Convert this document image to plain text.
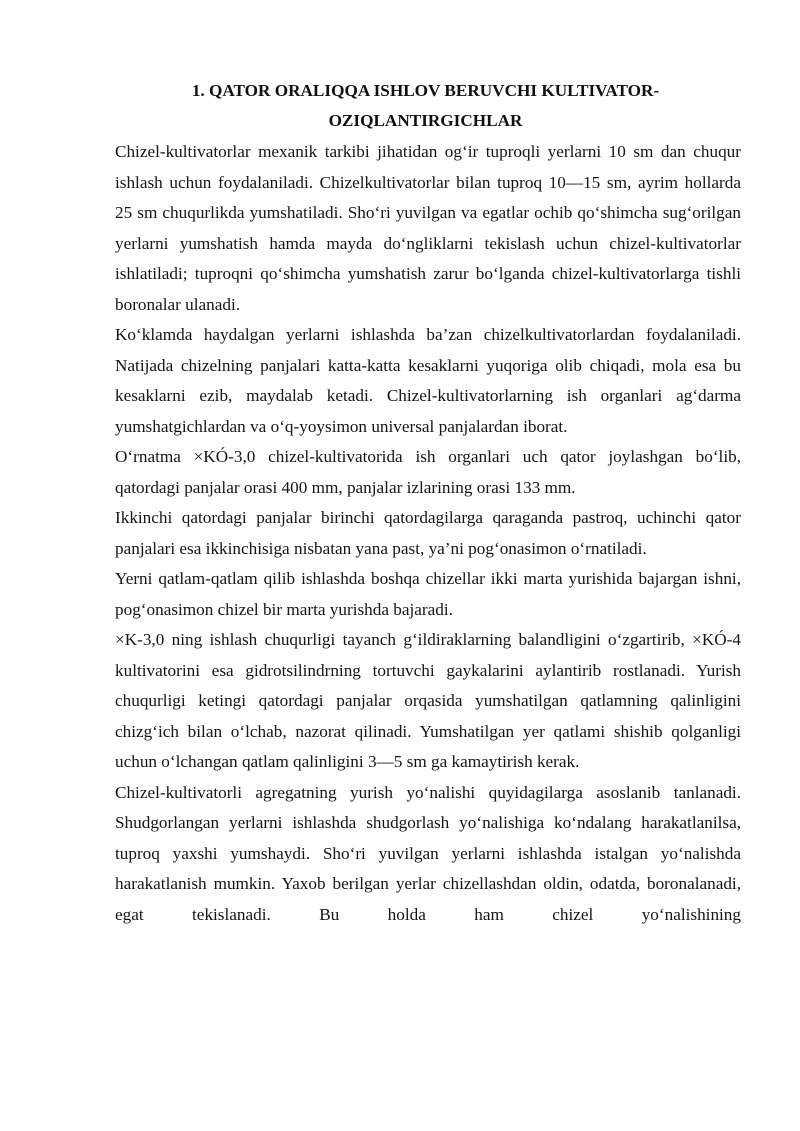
1. QATOR ORALIQQA ISHLOV BERUVCHI KULTIVATOR-
OZIQLANTIRGICHLAR

Chizel-kultivatorlar mexanik tarkibi jihatidan og‘ir tuproqli yerlarni 10 sm dan chuqur ishlash uchun foydalaniladi. Chizelkultivatorlar bilan tuproq 10—15 sm, ayrim hollarda 25 sm chuqurlikda yumshatiladi. Sho‘ri yuvilgan va egatlar ochib qo‘shimcha sug‘orilgan yerlarni yumshatish hamda mayda do‘ngliklarni tekislash uchun chizel-kultivatorlar ishlatiladi; tuproqni qo‘shimcha yumshatish zarur bo‘lganda chizel-kultivatorlarga tishli boronalar ulanadi.

Ko‘klamda haydalgan yerlarni ishlashda ba’zan chizelkultivatorlardan foydalaniladi. Natijada chizelning panjalari katta-katta kesaklarni yuqoriga olib chiqadi, mola esa bu kesaklarni ezib, maydalab ketadi. Chizel-kultivatorlarning ish organlari ag‘darma yumshatgichlardan va o‘q-yoysimon universal panjalardan iborat.

O‘rnatma ×KÓ-3,0 chizel-kultivatorida ish organlari uch qator joylashgan bo‘lib, qatordagi panjalar orasi 400 mm, panjalar izlarining orasi 133 mm.

Ikkinchi qatordagi panjalar birinchi qatordagilarga qaraganda pastroq, uchinchi qator panjalari esa ikkinchisiga nisbatan yana past, ya’ni pog‘onasimon o‘rnatiladi.

Yerni qatlam-qatlam qilib ishlashda boshqa chizellar ikki marta yurishida bajargan ishni, pog‘onasimon chizel bir marta yurishda bajaradi.

×K-3,0 ning ishlash chuqurligi tayanch g‘ildiraklarning balandligini o‘zgartirib, ×KÓ-4 kultivatorini esa gidrotsilindrning tortuvchi gaykalarini aylantirib rostlanadi. Yurish chuqurligi ketingi qatordagi panjalar orqasida yumshatilgan qatlamning qalinligini chizg‘ich bilan o‘lchab, nazorat qilinadi. Yumshatilgan yer qatlami shishib qolganligi uchun o‘lchangan qatlam qalinligini 3—5 sm ga kamaytirish kerak.

Chizel-kultivatorli agregatning yurish yo‘nalishi quyidagilarga asoslanib tanlanadi. Shudgorlangan yerlarni ishlashda shudgorlash yo‘nalishiga ko‘ndalang harakatlanilsa, tuproq yaxshi yumshaydi. Sho‘ri yuvilgan yerlarni ishlashda istalgan yo‘nalishda harakatlanish mumkin. Yaxob berilgan yerlar chizellashdan oldin, odatda, boronalanadi, egat tekislanadi. Bu holda ham chizel yo‘nalishining
